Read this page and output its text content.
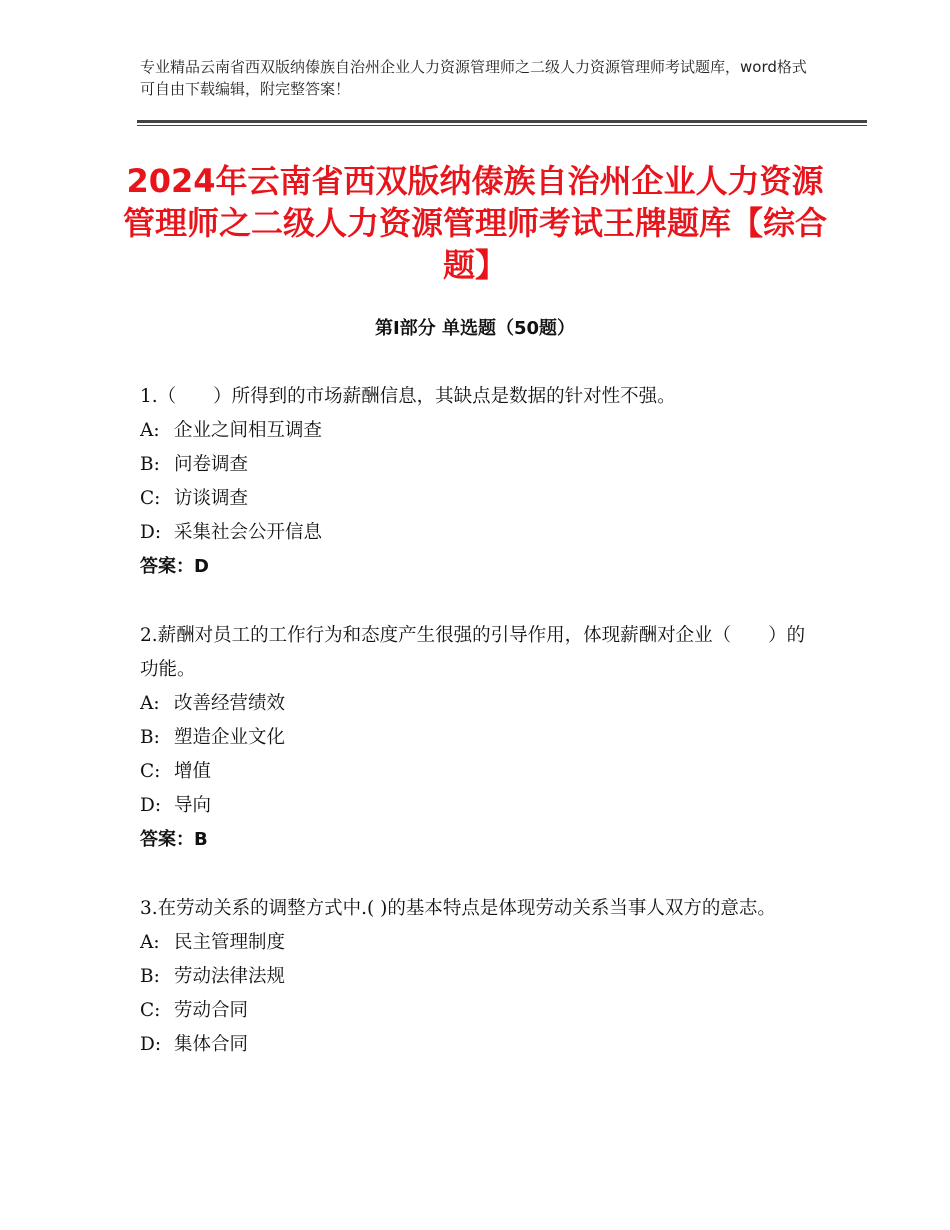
专业精品云南省西双版纳傣族自治州企业人力资源管理师之二级人力资源管理师考试题库，word格式可自由下载编辑，附完整答案！
2024年云南省西双版纳傣族自治州企业人力资源管理师之二级人力资源管理师考试王牌题库【综合题】
第Ⅰ部分 单选题（50题）
1.（　　）所得到的市场薪酬信息，其缺点是数据的针对性不强。
A: 企业之间相互调查
B: 问卷调查
C: 访谈调查
D: 采集社会公开信息
答案：D
2.薪酬对员工的工作行为和态度产生很强的引导作用，体现薪酬对企业（　　）的功能。
A: 改善经营绩效
B: 塑造企业文化
C: 增值
D: 导向
答案：B
3.在劳动关系的调整方式中.( )的基本特点是体现劳动关系当事人双方的意志。
A: 民主管理制度
B: 劳动法律法规
C: 劳动合同
D: 集体合同
